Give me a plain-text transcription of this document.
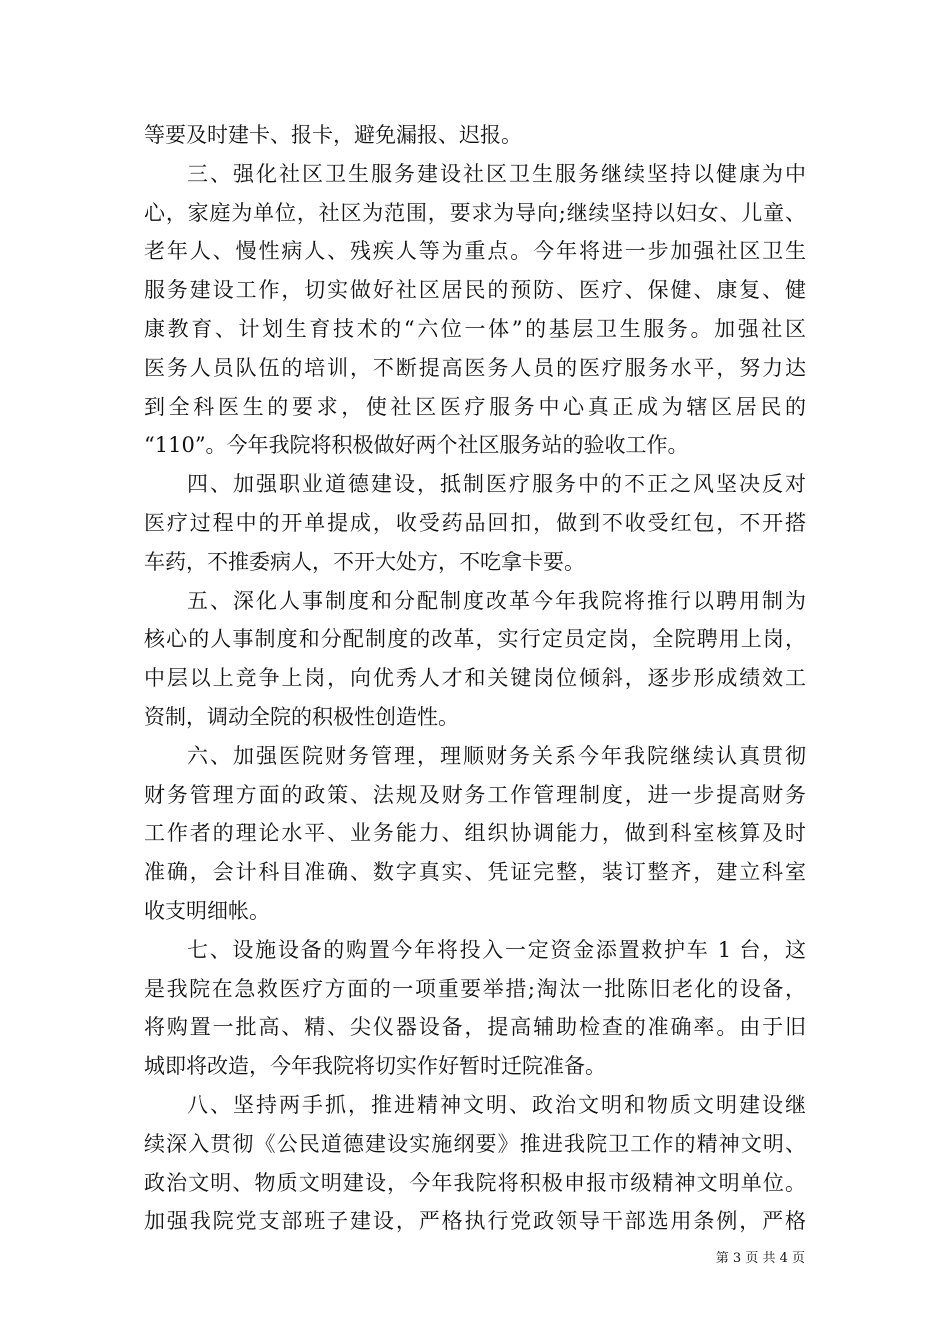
等要及时建卡、报卡，避免漏报、迟报。
三、强化社区卫生服务建设社区卫生服务继续坚持以健康为中
心，家庭为单位，社区为范围，要求为导向;继续坚持以妇女、儿童、
老年人、慢性病人、残疾人等为重点。今年将进一步加强社区卫生
服务建设工作，切实做好社区居民的预防、医疗、保健、康复、健
康教育、计划生育技术的“六位一体”的基层卫生服务。加强社区
医务人员队伍的培训，不断提高医务人员的医疗服务水平，努力达
到全科医生的要求，使社区医疗服务中心真正成为辖区居民的
“110”。今年我院将积极做好两个社区服务站的验收工作。
四、加强职业道德建设，抵制医疗服务中的不正之风坚决反对
医疗过程中的开单提成，收受药品回扣，做到不收受红包，不开搭
车药，不推委病人，不开大处方，不吃拿卡要。
五、深化人事制度和分配制度改革今年我院将推行以聘用制为
核心的人事制度和分配制度的改革，实行定员定岗，全院聘用上岗，
中层以上竞争上岗，向优秀人才和关键岗位倾斜，逐步形成绩效工
资制，调动全院的积极性创造性。
六、加强医院财务管理，理顺财务关系今年我院继续认真贯彻
财务管理方面的政策、法规及财务工作管理制度，进一步提高财务
工作者的理论水平、业务能力、组织协调能力，做到科室核算及时
准确，会计科目准确、数字真实、凭证完整，装订整齐，建立科室
收支明细帐。
七、设施设备的购置今年将投入一定资金添置救护车 1 台，这
是我院在急救医疗方面的一项重要举措;淘汰一批陈旧老化的设备，
将购置一批高、精、尖仪器设备，提高辅助检查的准确率。由于旧
城即将改造，今年我院将切实作好暂时迁院准备。
八、坚持两手抓，推进精神文明、政治文明和物质文明建设继
续深入贯彻《公民道德建设实施纲要》推进我院卫工作的精神文明、
政治文明、物质文明建设，今年我院将积极申报市级精神文明单位。
加强我院党支部班子建设，严格执行党政领导干部选用条例，严格
第 3 页 共 4 页
